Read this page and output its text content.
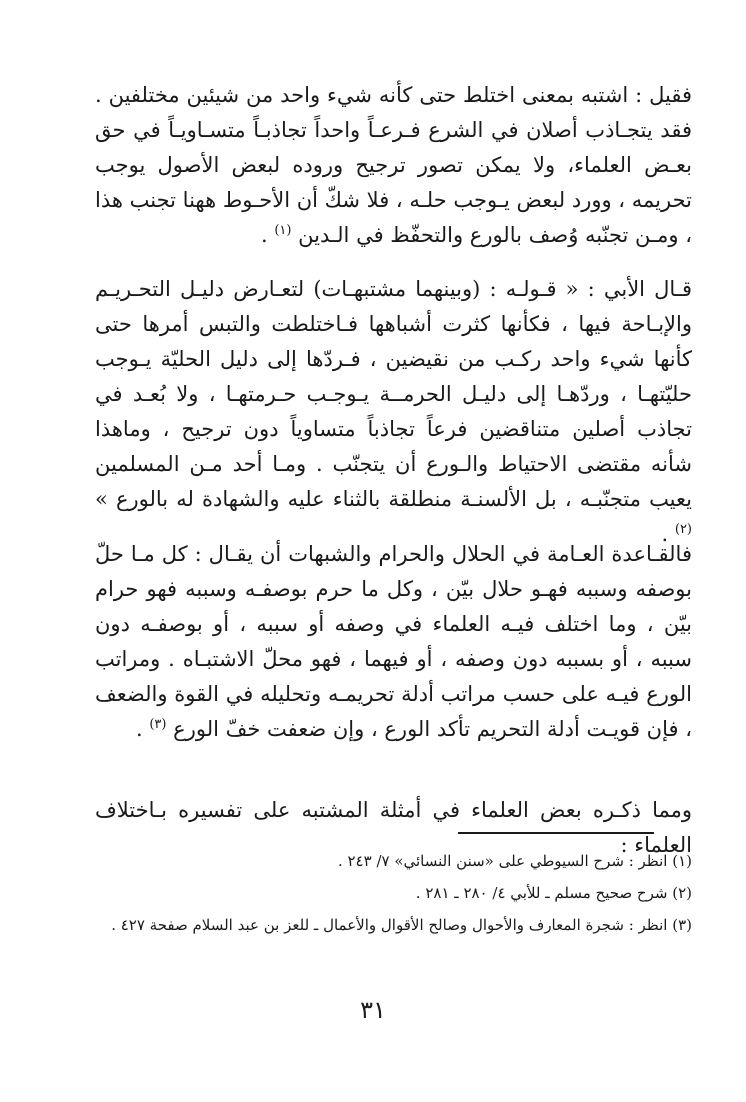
فقيل : اشتبه بمعنى اختلط حتى كأنه شيء واحد من شيئين مختلفين . فقد يتجـاذب أصلان في الشرع فـرعـاً واحداً تجاذبـاً متسـاويـاً في حق بعـض العلماء، ولا يمكن تصور ترجيح وروده لبعض الأصول يوجب تحريمه ، وورد لبعض يـوجب حلـه ، فلا شكّ أن الأحـوط ههنا تجنب هذا ، ومـن تجنّبه وُصف بالورع والتحفّظ في الـدين $^{(١)}$ .

قـال الأبي : « قـولـه : (وبينهما مشتبهـات) لتعـارض دليـل التحـريـم والإبـاحة فيها ، فكأنها كثرت أشباهها فـاختلطت والتبس أمرها حتى كأنها شيء واحد ركـب من نقيضين ، فـردّها إلى دليل الحليّة يـوجب حليّتهـا ، وردّهـا إلى دليـل الحرمــة يـوجـب حـرمتهـا ، ولا بُعـد في تجاذب أصلين متناقضين فرعاً تجاذباً متساوياً دون ترجيح ، وماهذا شأنه مقتضى الاحتياط والـورع أن يتجنّب . ومـا أحد مـن المسلمين يعيب متجنّبـه ، بل الألسنـة منطلقة بالثناء عليه والشهادة له بالورع » $^{(٢)}$ .

فالقـاعدة العـامة في الحلال والحرام والشبهات أن يقـال : كل مـا حلّ بوصفه وسببه فهـو حلال بيّن ، وكل ما حرم بوصفـه وسببه فهو حرام بيّن ، وما اختلف فيـه العلماء في وصفه أو سببه ، أو بوصفـه دون سببه ، أو بسببه دون وصفه ، أو فيهما ، فهو محلّ الاشتبـاه . ومراتب الورع فيـه على حسب مراتب أدلة تحريمـه وتحليله في القوة والضعف ، فإن قويـت أدلة التحريم تأكد الورع ، وإن ضعفت خفّ الورع $^{(٣)}$ .

ومما ذكـره بعض العلماء في أمثلة المشتبه على تفسيره بـاختلاف العلماء :

(١) انظر : شرح السيوطي على «سنن النسائي» ٧/ ٢٤٣ .

(٢) شرح صحيح مسلم ـ للأبي ٤/ ٢٨٠ ـ ٢٨١ .

(٣) انظر : شجرة المعارف والأحوال وصالح الأقوال والأعمال ـ للعز بن عبد السلام صفحة ٤٢٧ .

٣١
